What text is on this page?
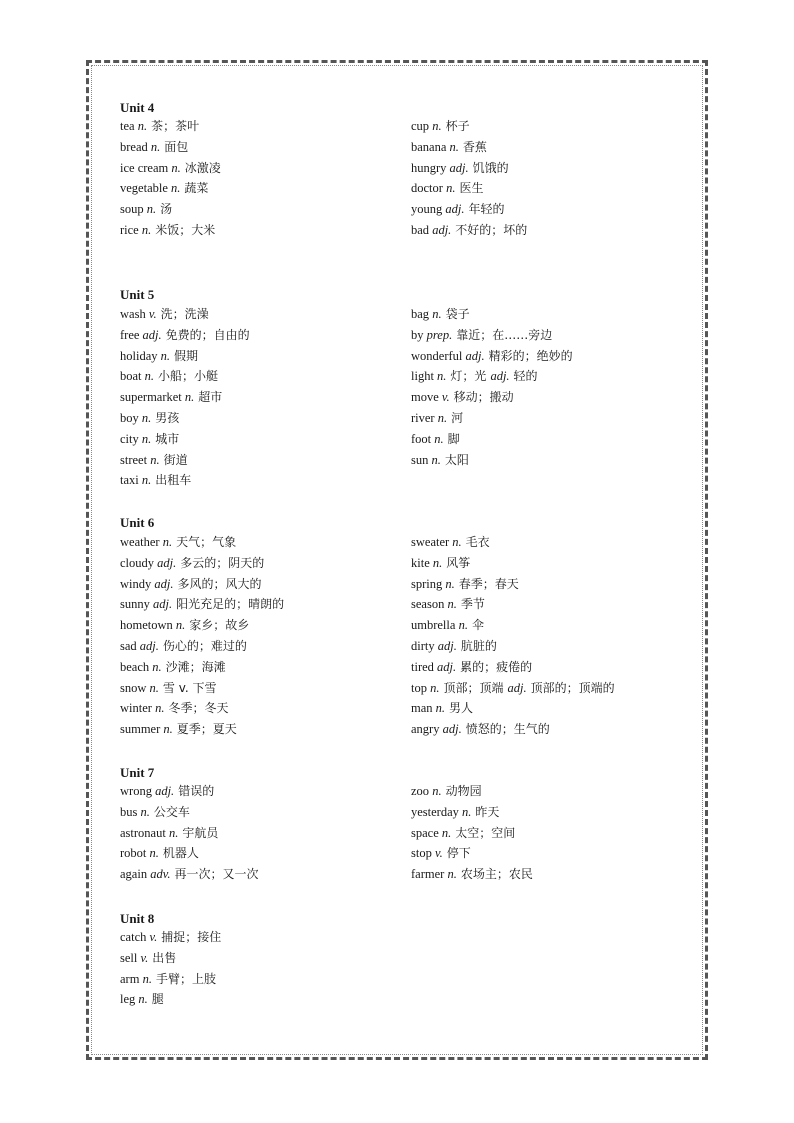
Unit 4
tea n. 茶；茶叶
bread n. 面包
ice cream n. 冰激凌
vegetable n. 蔬菜
soup n. 汤
rice n. 米饭；大米
cup n. 杯子
banana n. 香蕉
hungry adj. 饥饿的
doctor n. 医生
young adj. 年轻的
bad adj. 不好的；坏的
Unit 5
wash v. 洗；洗澡
free adj. 免费的；自由的
holiday n. 假期
boat n. 小船；小艇
supermarket n. 超市
boy n. 男孩
city n. 城市
street n. 街道
taxi n. 出租车
bag n. 袋子
by prep. 靠近；在……旁边
wonderful adj. 精彩的；绝妙的
light n. 灯；光 adj. 轻的
move v. 移动；搬动
river n. 河
foot n. 脚
sun n. 太阳
Unit 6
weather n. 天气；气象
cloudy adj. 多云的；阴天的
windy adj. 多风的；风大的
sunny adj. 阳光充足的；晴朗的
hometown n. 家乡；故乡
sad adj. 伤心的；难过的
beach n. 沙滩；海滩
snow n. 雪 v. 下雪
winter n. 冬季；冬天
summer n. 夏季；夏天
sweater n. 毛衣
kite n. 风筝
spring n. 春季；春天
season n. 季节
umbrella n. 伞
dirty adj. 肮脏的
tired adj. 累的；疲倦的
top n. 顶部；顶端 adj. 顶部的；顶端的
man n. 男人
angry adj. 愤怒的；生气的
Unit 7
wrong adj. 错误的
bus n. 公交车
astronaut n. 宇航员
robot n. 机器人
again adv. 再一次；又一次
zoo n. 动物园
yesterday n. 昨天
space n. 太空；空间
stop v. 停下
farmer n. 农场主；农民
Unit 8
catch v. 捕捉；接住
sell v. 出售
arm n. 手臂；上肢
leg n. 腿
